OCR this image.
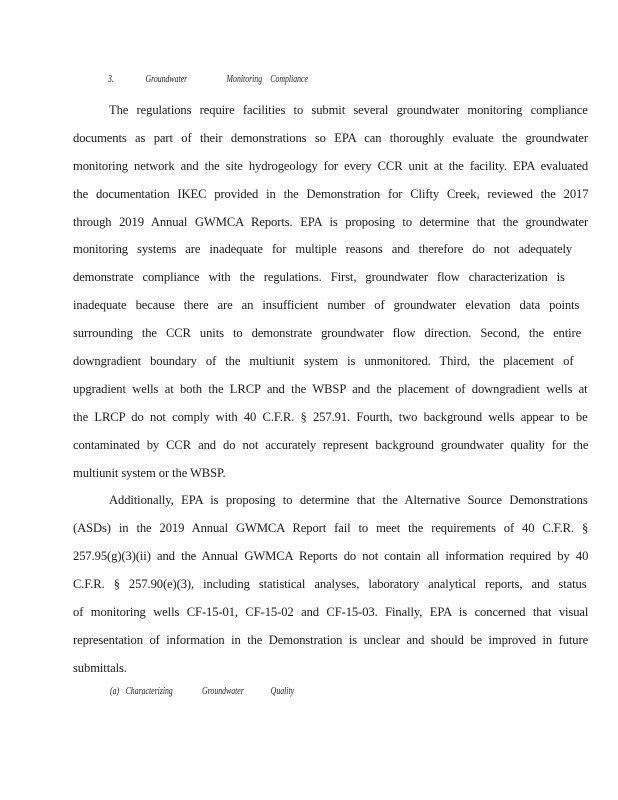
3.	Groundwater	Monitoring Compliance
The regulations require facilities to submit several groundwater monitoring compliance
documents as part of their demonstrations so EPA can thoroughly evaluate the groundwater
monitoring network and the site hydrogeology for every CCR unit at the facility. EPA evaluated
the documentation IKEC provided in the Demonstration for Clifty Creek, reviewed the 2017
through 2019 Annual GWMCA Reports. EPA is proposing to determine that the groundwater
monitoring systems are inadequate for multiple reasons and therefore do not adequately
demonstrate compliance with the regulations. First, groundwater flow characterization is
inadequate because there are an insufficient number of groundwater elevation data points
surrounding the CCR units to demonstrate groundwater flow direction. Second, the entire
downgradient boundary of the multiunit system is unmonitored. Third, the placement of
upgradient wells at both the LRCP and the WBSP and the placement of downgradient wells at
the LRCP do not comply with 40 C.F.R. § 257.91. Fourth, two background wells appear to be
contaminated by CCR and do not accurately represent background groundwater quality for the
multiunit system or the WBSP.
Additionally, EPA is proposing to determine that the Alternative Source Demonstrations
(ASDs) in the 2019 Annual GWMCA Report fail to meet the requirements of 40 C.F.R. §
257.95(g)(3)(ii) and the Annual GWMCA Reports do not contain all information required by 40
C.F.R. § 257.90(e)(3), including statistical analyses, laboratory analytical reports, and status
of monitoring wells CF-15-01, CF-15-02 and CF-15-03. Finally, EPA is concerned that visual
representation of information in the Demonstration is unclear and should be improved in future
submittals.
(a) Characterizing	Groundwater	Quality
